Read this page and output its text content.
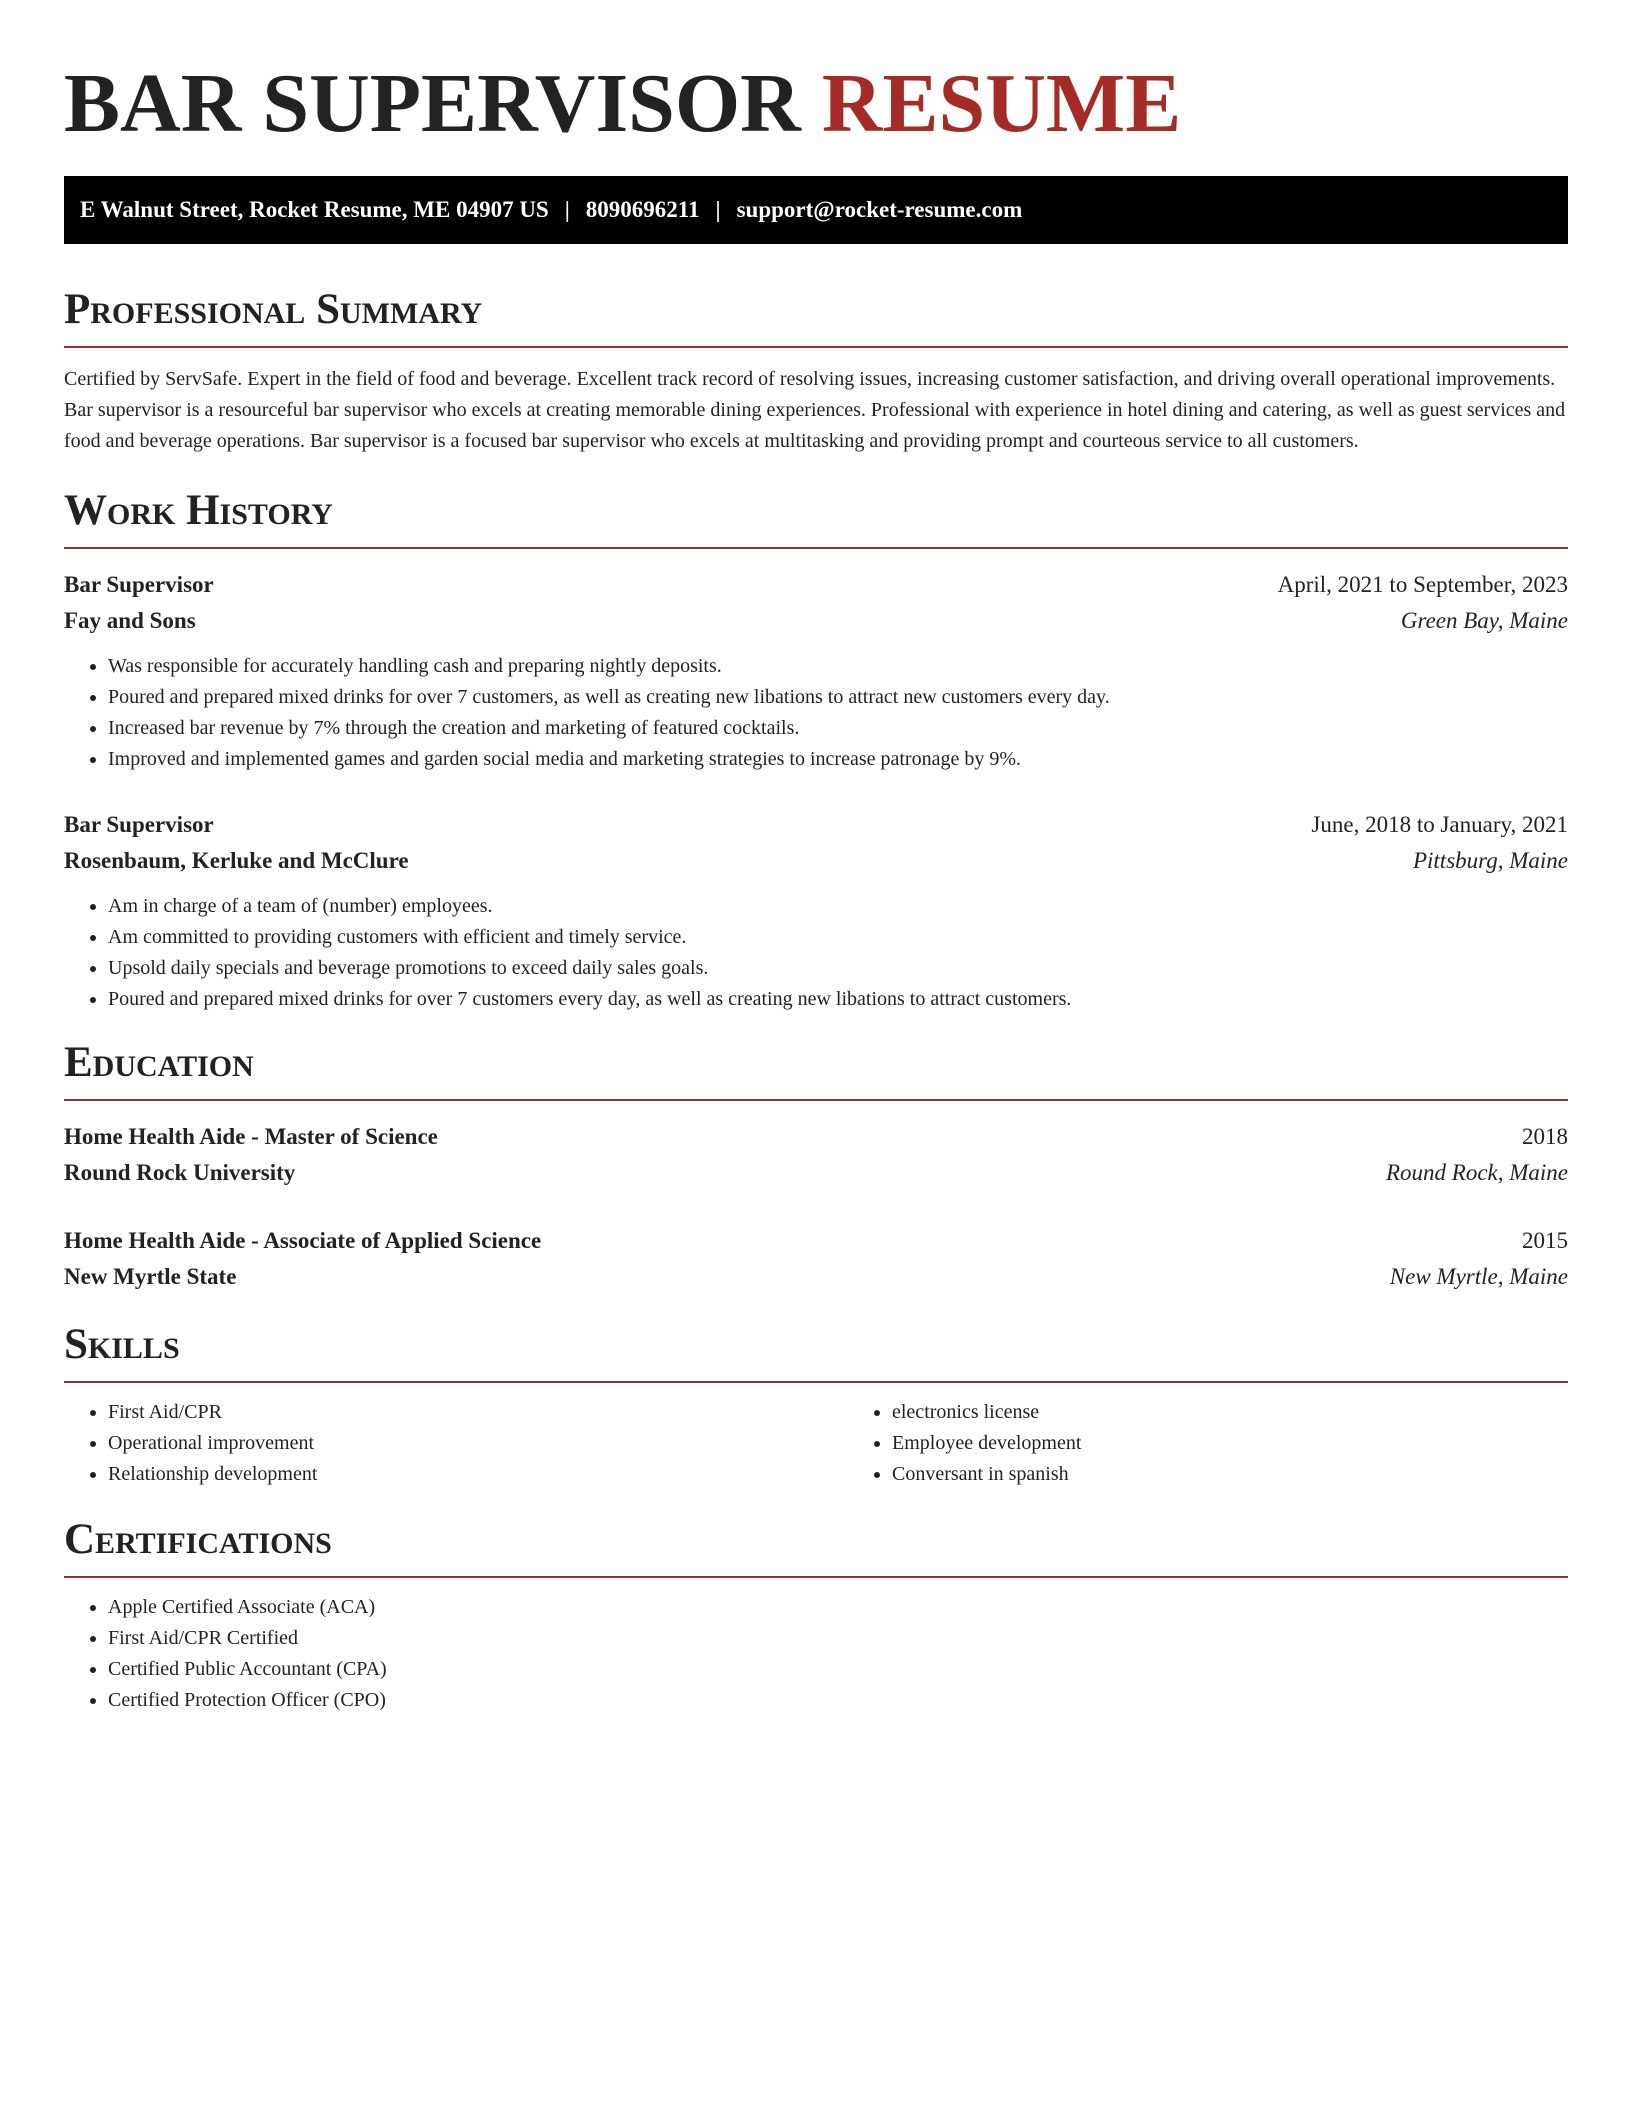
BAR SUPERVISOR RESUME
E Walnut Street, Rocket Resume, ME 04907 US | 8090696211 | support@rocket-resume.com
Professional Summary

Certified by ServSafe. Expert in the field of food and beverage. Excellent track record of resolving issues, increasing customer satisfaction, and driving overall operational improvements. Bar supervisor is a resourceful bar supervisor who excels at creating memorable dining experiences. Professional with experience in hotel dining and catering, as well as guest services and food and beverage operations. Bar supervisor is a focused bar supervisor who excels at multitasking and providing prompt and courteous service to all customers.

Work History
Bar Supervisor	April, 2021 to September, 2023
Fay and Sons	Green Bay, Maine
• Was responsible for accurately handling cash and preparing nightly deposits.
• Poured and prepared mixed drinks for over 7 customers, as well as creating new libations to attract new customers every day.
• Increased bar revenue by 7% through the creation and marketing of featured cocktails.
• Improved and implemented games and garden social media and marketing strategies to increase patronage by 9%.
Bar Supervisor	June, 2018 to January, 2021
Rosenbaum, Kerluke and McClure	Pittsburg, Maine
• Am in charge of a team of (number) employees.
• Am committed to providing customers with efficient and timely service.
• Upsold daily specials and beverage promotions to exceed daily sales goals.
• Poured and prepared mixed drinks for over 7 customers every day, as well as creating new libations to attract customers.
Education
Home Health Aide - Master of Science	2018
Round Rock University	Round Rock, Maine
Home Health Aide - Associate of Applied Science	2015
New Myrtle State	New Myrtle, Maine
Skills
• First Aid/CPR
• Operational improvement
• Relationship development
• electronics license
• Employee development
• Conversant in spanish
Certifications
• Apple Certified Associate (ACA)
• First Aid/CPR Certified
• Certified Public Accountant (CPA)
• Certified Protection Officer (CPO)
